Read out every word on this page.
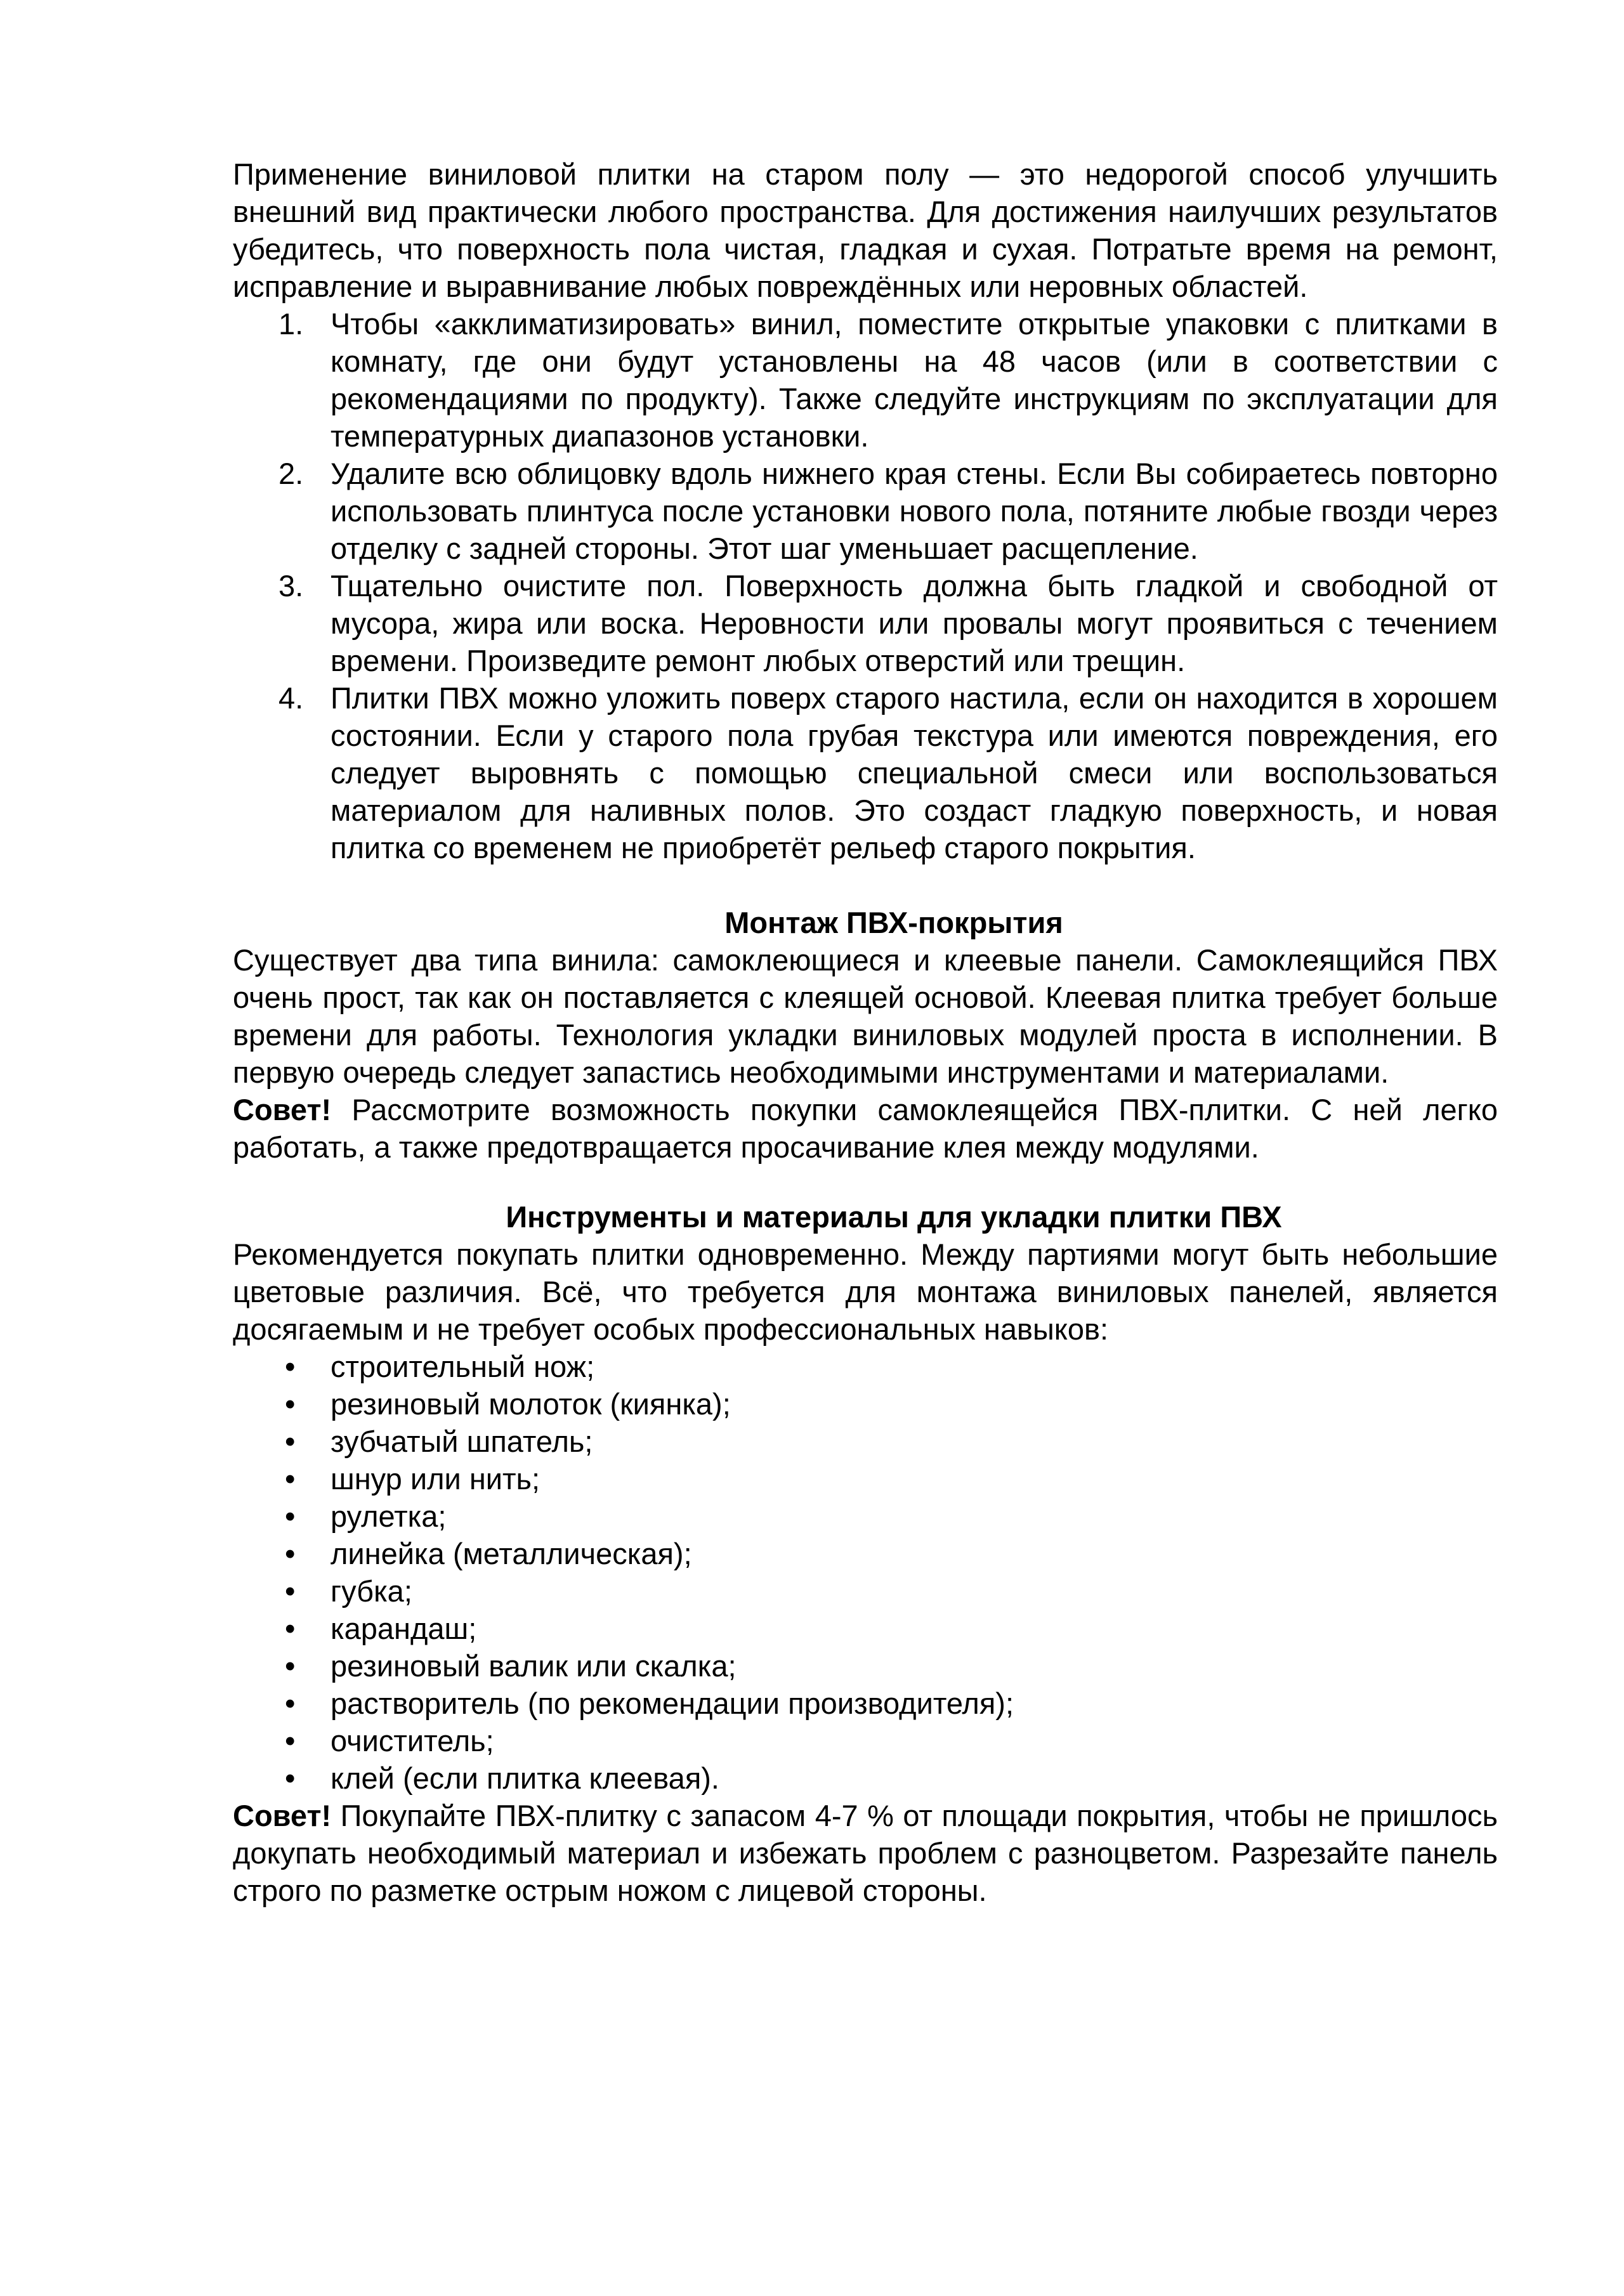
Применение виниловой плитки на старом полу — это недорогой способ улучшить внешний вид практически любого пространства. Для достижения наилучших результатов убедитесь, что поверхность пола чистая, гладкая и сухая. Потратьте время на ремонт, исправление и выравнивание любых повреждённых или неровных областей.

1. Чтобы «акклиматизировать» винил, поместите открытые упаковки с плитками в комнату, где они будут установлены на 48 часов (или в соответствии с рекомендациями по продукту). Также следуйте инструкциям по эксплуатации для температурных диапазонов установки.
2. Удалите всю облицовку вдоль нижнего края стены. Если Вы собираетесь повторно использовать плинтуса после установки нового пола, потяните любые гвозди через отделку с задней стороны. Этот шаг уменьшает расщепление.
3. Тщательно очистите пол. Поверхность должна быть гладкой и свободной от мусора, жира или воска. Неровности или провалы могут проявиться с течением времени. Произведите ремонт любых отверстий или трещин.
4. Плитки ПВХ можно уложить поверх старого настила, если он находится в хорошем состоянии. Если у старого пола грубая текстура или имеются повреждения, его следует выровнять с помощью специальной смеси или воспользоваться материалом для наливных полов. Это создаст гладкую поверхность, и новая плитка со временем не приобретёт рельеф старого покрытия.
Монтаж ПВХ-покрытия

Существует два типа винила: самоклеющиеся и клеевые панели. Самоклеящийся ПВХ очень прост, так как он поставляется с клеящей основой. Клеевая плитка требует больше времени для работы. Технология укладки виниловых модулей проста в исполнении. В первую очередь следует запастись необходимыми инструментами и материалами.

Совет! Рассмотрите возможность покупки самоклеящейся ПВХ-плитки. С ней легко работать, а также предотвращается просачивание клея между модулями.

Инструменты и материалы для укладки плитки ПВХ

Рекомендуется покупать плитки одновременно. Между партиями могут быть небольшие цветовые различия. Всё, что требуется для монтажа виниловых панелей, является досягаемым и не требует особых профессиональных навыков:

• строительный нож;
• резиновый молоток (киянка);
• зубчатый шпатель;
• шнур или нить;
• рулетка;
• линейка (металлическая);
• губка;
• карандаш;
• резиновый валик или скалка;
• растворитель (по рекомендации производителя);
• очиститель;
• клей (если плитка клеевая).

Совет! Покупайте ПВХ-плитку с запасом 4-7 % от площади покрытия, чтобы не пришлось докупать необходимый материал и избежать проблем с разноцветом. Разрезайте панель строго по разметке острым ножом с лицевой стороны.
